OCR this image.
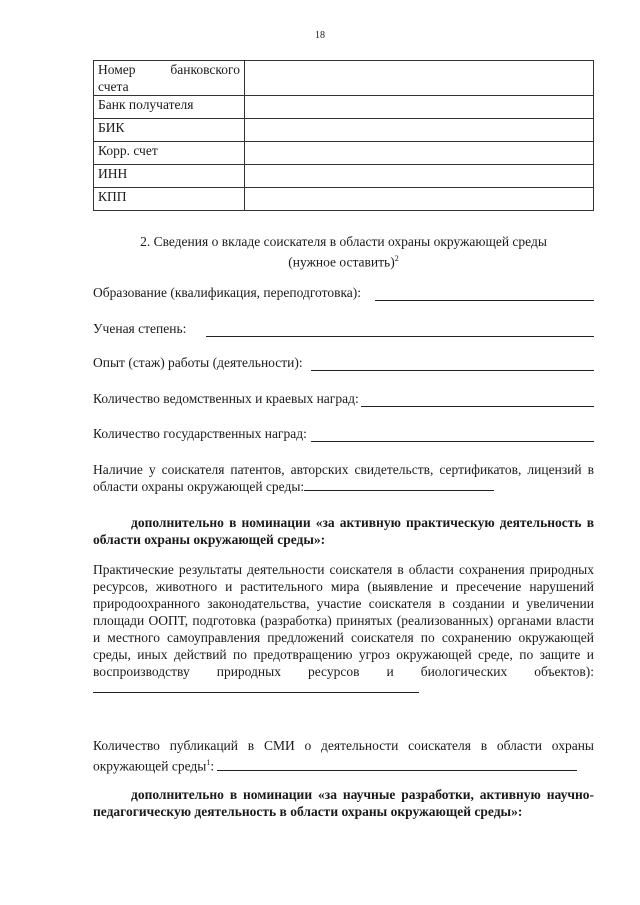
18
Номер банковского
счета	

Банк получателя	
БИК	
Корр. счет	
ИНН	
КПП	
2. Сведения о вкладе соискателя в области охраны окружающей среды
(нужное оставить)$^2$
Образование (квалификация, переподготовка):
Ученая степень:
Опыт (стаж) работы (деятельности):
Количество ведомственных и краевых наград:
Количество государственных наград:
Наличие у соискателя патентов, авторских свидетельств, сертификатов, лицензий в области охраны окружающей среды:
дополнительно в номинации «за активную практическую деятельность в области охраны окружающей среды»:
Практические результаты деятельности соискателя в области сохранения природных ресурсов, животного и растительного мира (выявление и пресечение нарушений природоохранного законодательства, участие соискателя в создании и увеличении площади ООПТ, подготовка (разработка) принятых (реализованных) органами власти и местного самоуправления предложений соискателя по сохранению окружающей среды, иных действий по предотвращению угроз окружающей среде, по защите и воспроизводству природных ресурсов и биологических объектов):
Количество публикаций в СМИ о деятельности соискателя в области охраны окружающей среды$^1$:
дополнительно в номинации «за научные разработки, активную научно-педагогическую деятельность в области охраны окружающей среды»:
